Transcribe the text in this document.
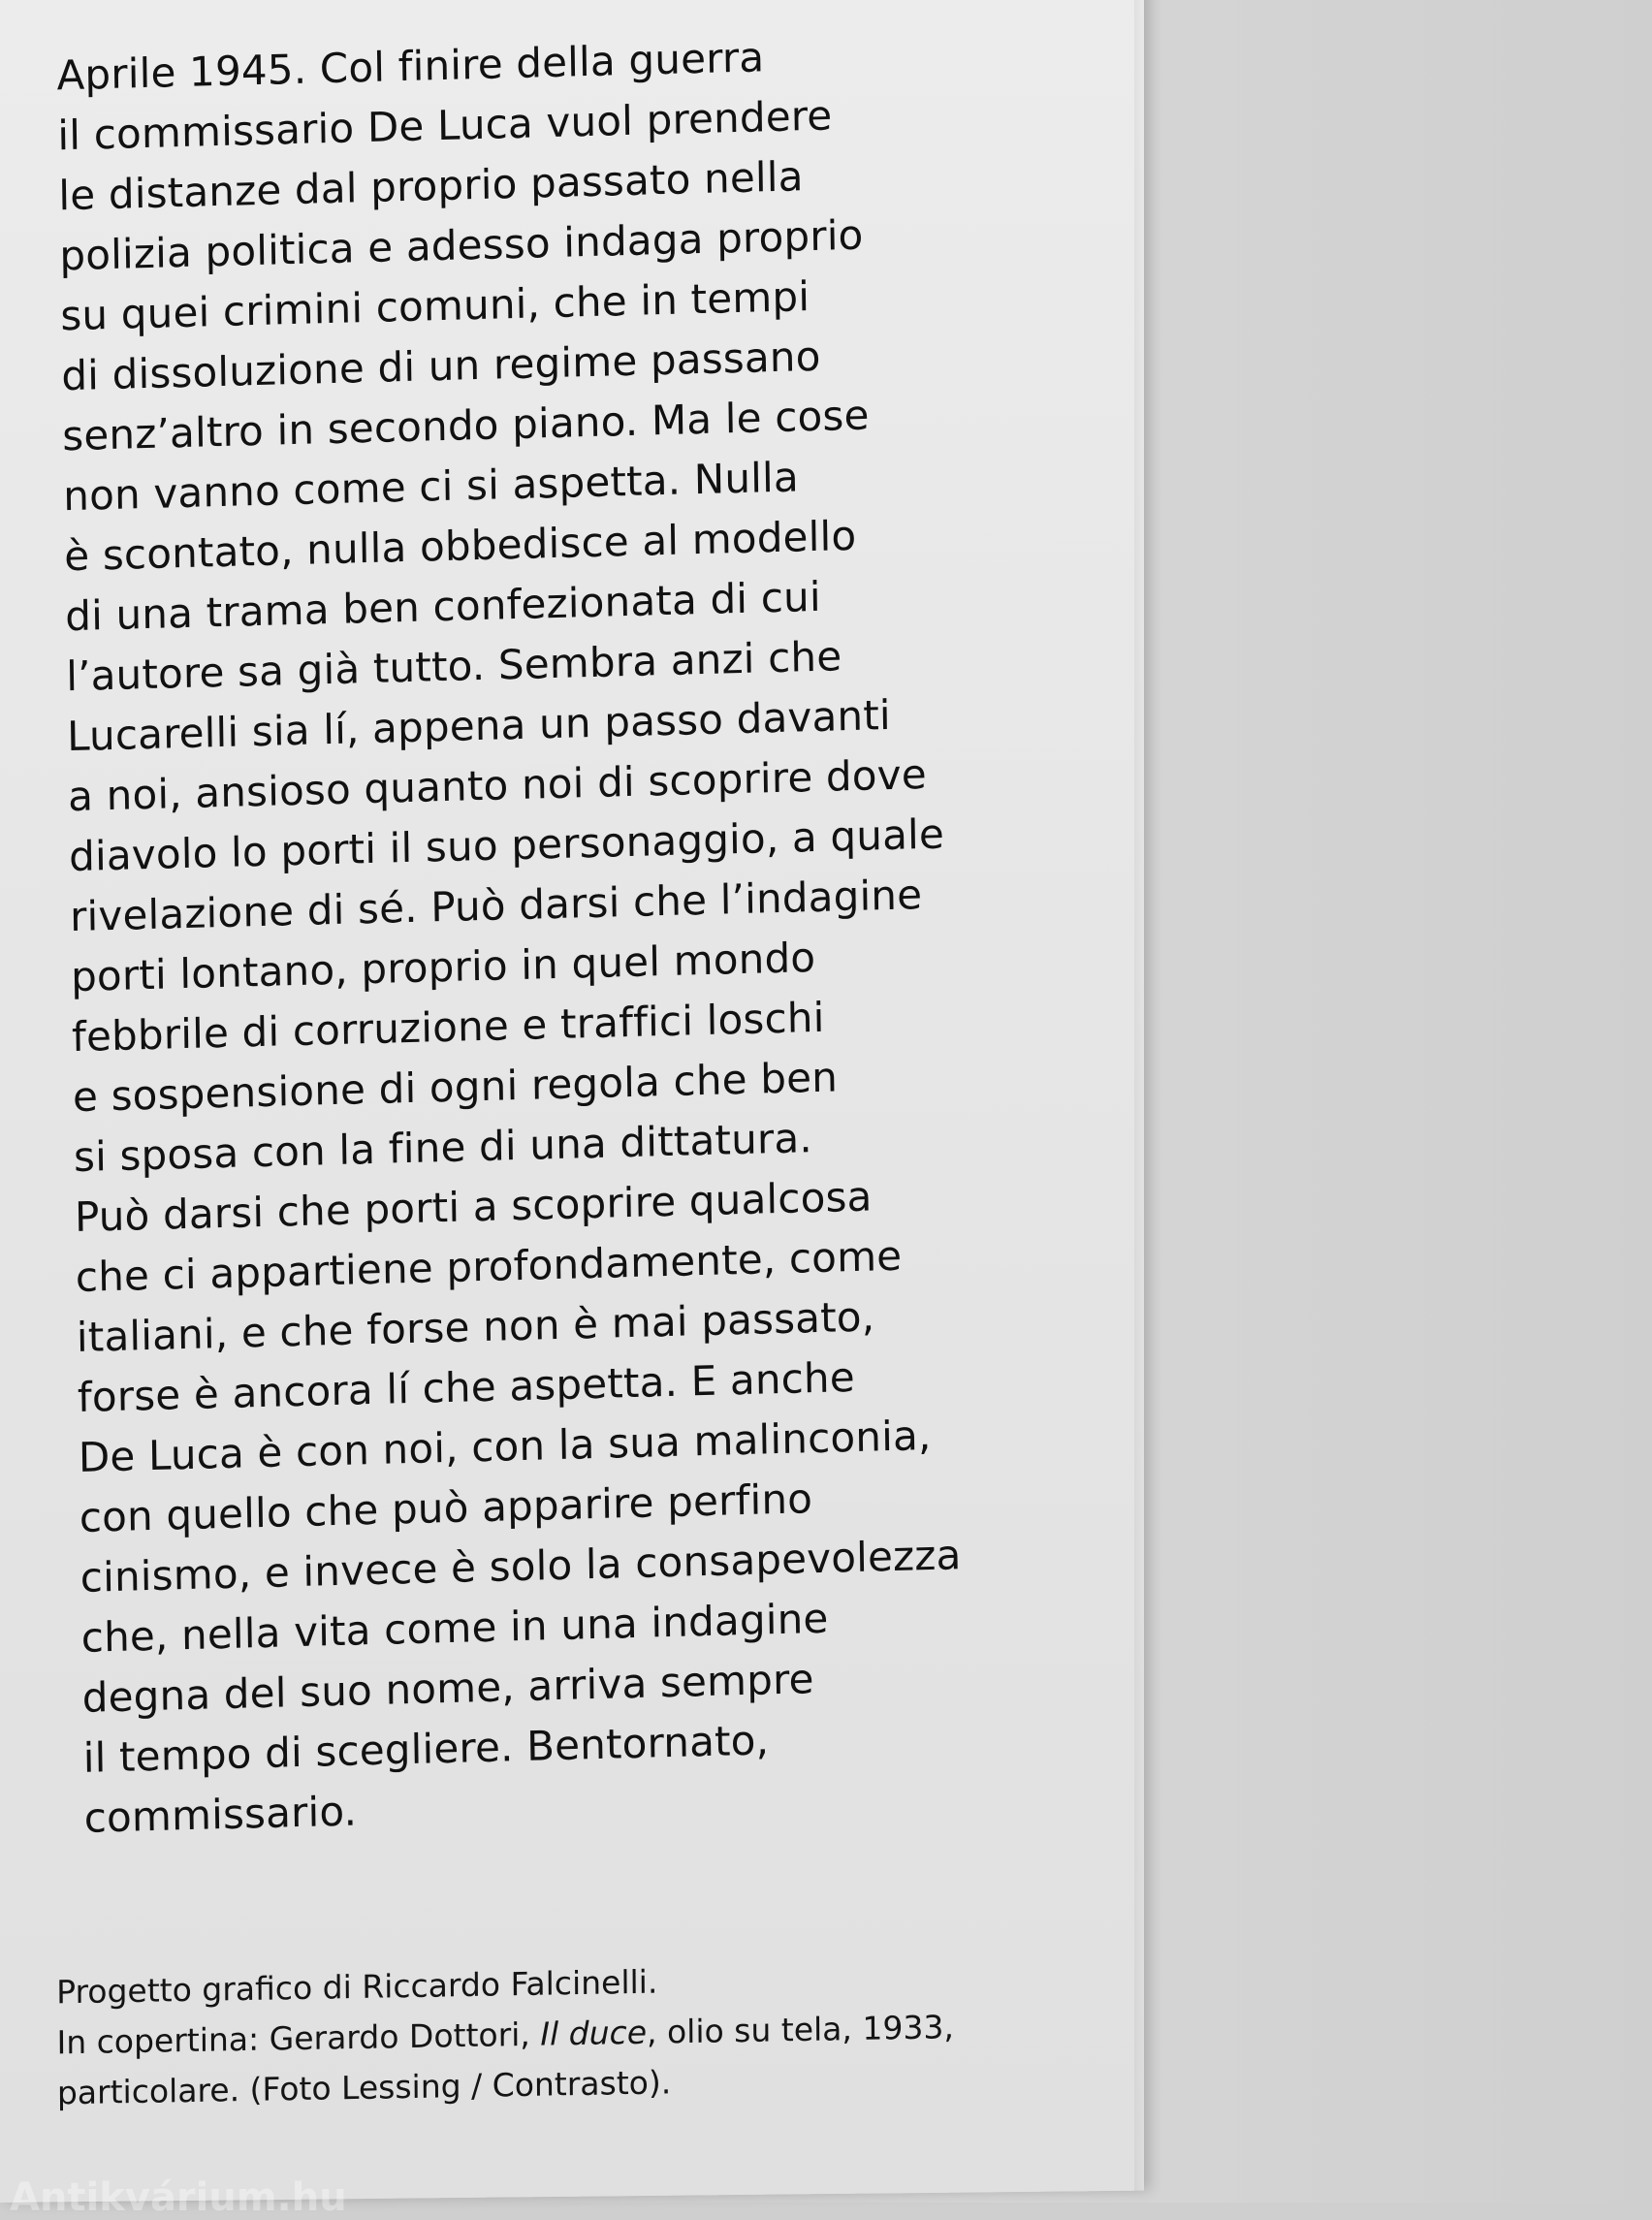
Aprile 1945. Col finire della guerra
il commissario De Luca vuol prendere
le distanze dal proprio passato nella
polizia politica e adesso indaga proprio
su quei crimini comuni, che in tempi
di dissoluzione di un regime passano
senz’altro in secondo piano. Ma le cose
non vanno come ci si aspetta. Nulla
è scontato, nulla obbedisce al modello
di una trama ben confezionata di cui
l’autore sa già tutto. Sembra anzi che
Lucarelli sia lí, appena un passo davanti
a noi, ansioso quanto noi di scoprire dove
diavolo lo porti il suo personaggio, a quale
rivelazione di sé. Può darsi che l’indagine
porti lontano, proprio in quel mondo
febbrile di corruzione e traffici loschi
e sospensione di ogni regola che ben
si sposa con la fine di una dittatura.
Può darsi che porti a scoprire qualcosa
che ci appartiene profondamente, come
italiani, e che forse non è mai passato,
forse è ancora lí che aspetta. E anche
De Luca è con noi, con la sua malinconia,
con quello che può apparire perfino
cinismo, e invece è solo la consapevolezza
che, nella vita come in una indagine
degna del suo nome, arriva sempre
il tempo di scegliere. Bentornato,
commissario.
Progetto grafico di Riccardo Falcinelli.
In copertina: Gerardo Dottori, Il duce, olio su tela, 1933,
particolare. (Foto Lessing / Contrasto).
Antikvárium.hu
